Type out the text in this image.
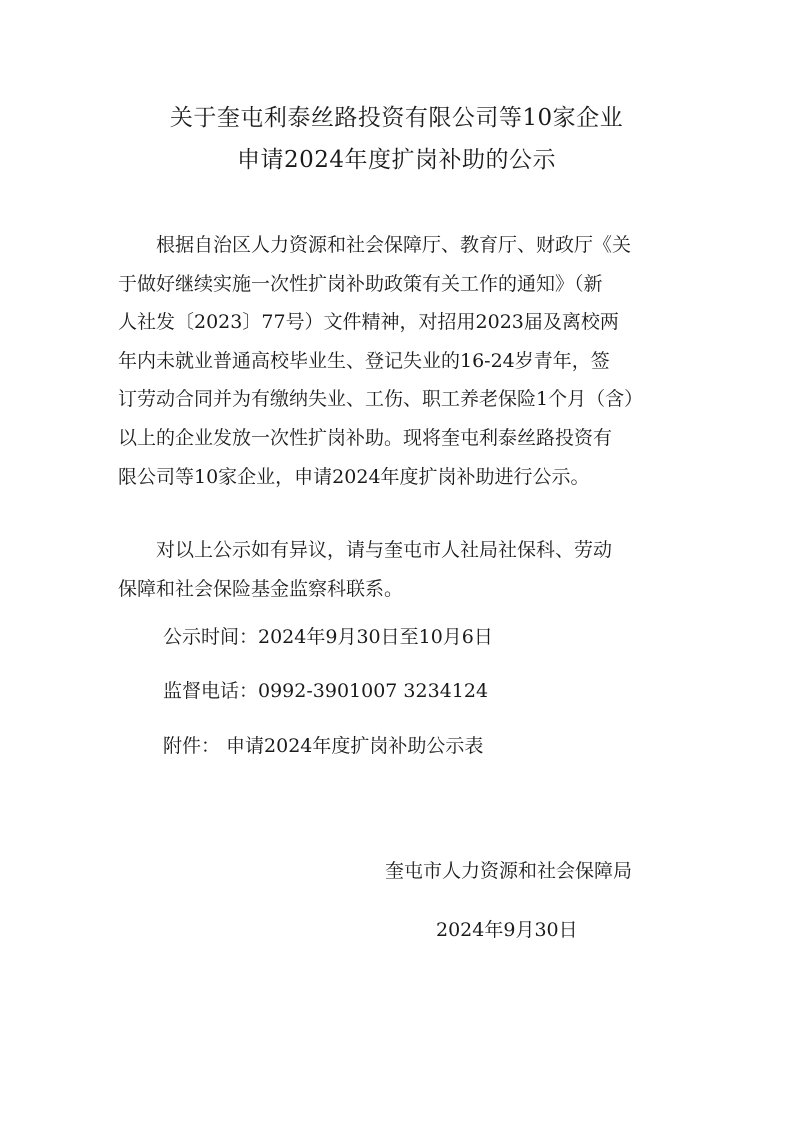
关于奎屯利泰丝路投资有限公司等10家企业
申请2024年度扩岗补助的公示
　　根据自治区人力资源和社会保障厅、教育厅、财政厅《关
于做好继续实施一次性扩岗补助政策有关工作的通知》（新
人社发〔2023〕77号）文件精神，对招用2023届及离校两
年内未就业普通高校毕业生、登记失业的16-24岁青年，签
订劳动合同并为有缴纳失业、工伤、职工养老保险1个月（含）
以上的企业发放一次性扩岗补助。现将奎屯利泰丝路投资有
限公司等10家企业，申请2024年度扩岗补助进行公示。
　　对以上公示如有异议，请与奎屯市人社局社保科、劳动
保障和社会保险基金监察科联系。
公示时间：2024年9月30日至10月6日
监督电话：0992-3901007 3234124
附件： 申请2024年度扩岗补助公示表
奎屯市人力资源和社会保障局
2024年9月30日
